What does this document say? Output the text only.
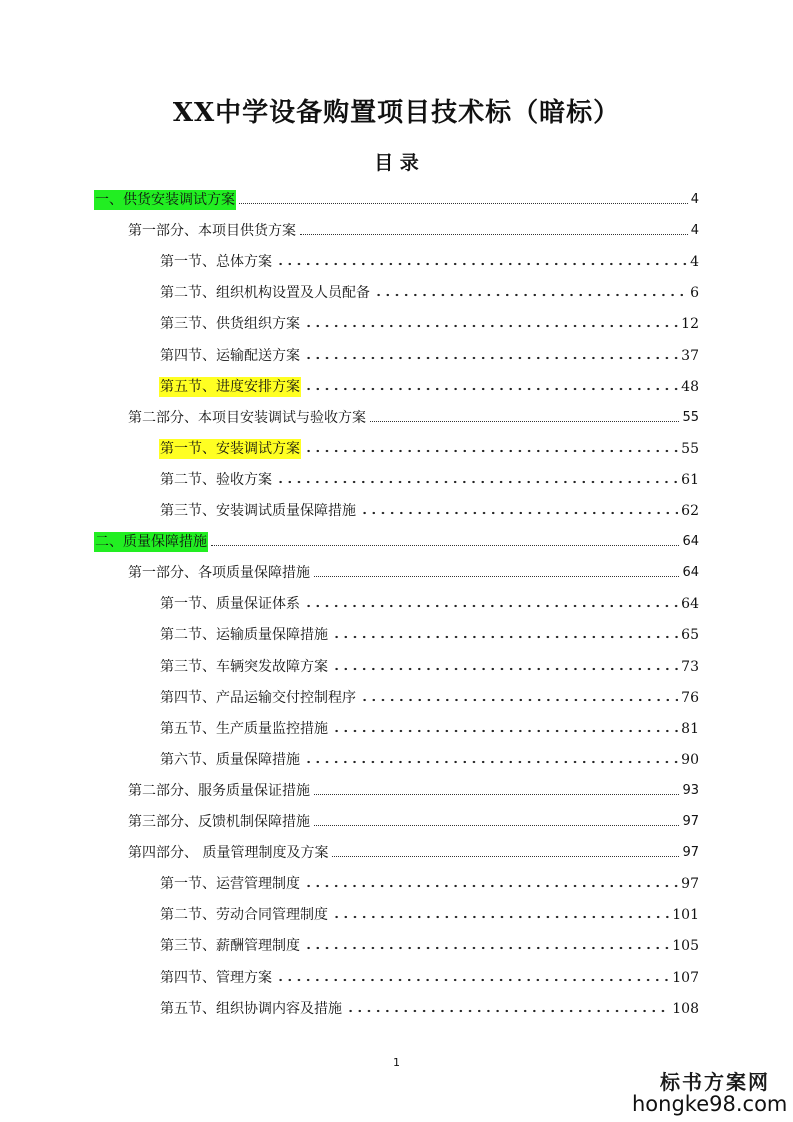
XX中学设备购置项目技术标（暗标）
目 录
一、供货安装调试方案	4
第一部分、本项目供货方案	4
第一节、总体方案	4
第二节、组织机构设置及人员配备	6
第三节、供货组织方案	12
第四节、运输配送方案	37
第五节、进度安排方案	48
第二部分、本项目安装调试与验收方案	55
第一节、安装调试方案	55
第二节、验收方案	61
第三节、安装调试质量保障措施	62
二、质量保障措施	64
第一部分、各项质量保障措施	64
第一节、质量保证体系	64
第二节、运输质量保障措施	65
第三节、车辆突发故障方案	73
第四节、产品运输交付控制程序	76
第五节、生产质量监控措施	81
第六节、质量保障措施	90
第二部分、服务质量保证措施	93
第三部分、反馈机制保障措施	97
第四部分、 质量管理制度及方案	97
第一节、运营管理制度	97
第二节、劳动合同管理制度	101
第三节、薪酬管理制度	105
第四节、管理方案	107
第五节、组织协调内容及措施	108
1
标书方案网
hongke98.com
